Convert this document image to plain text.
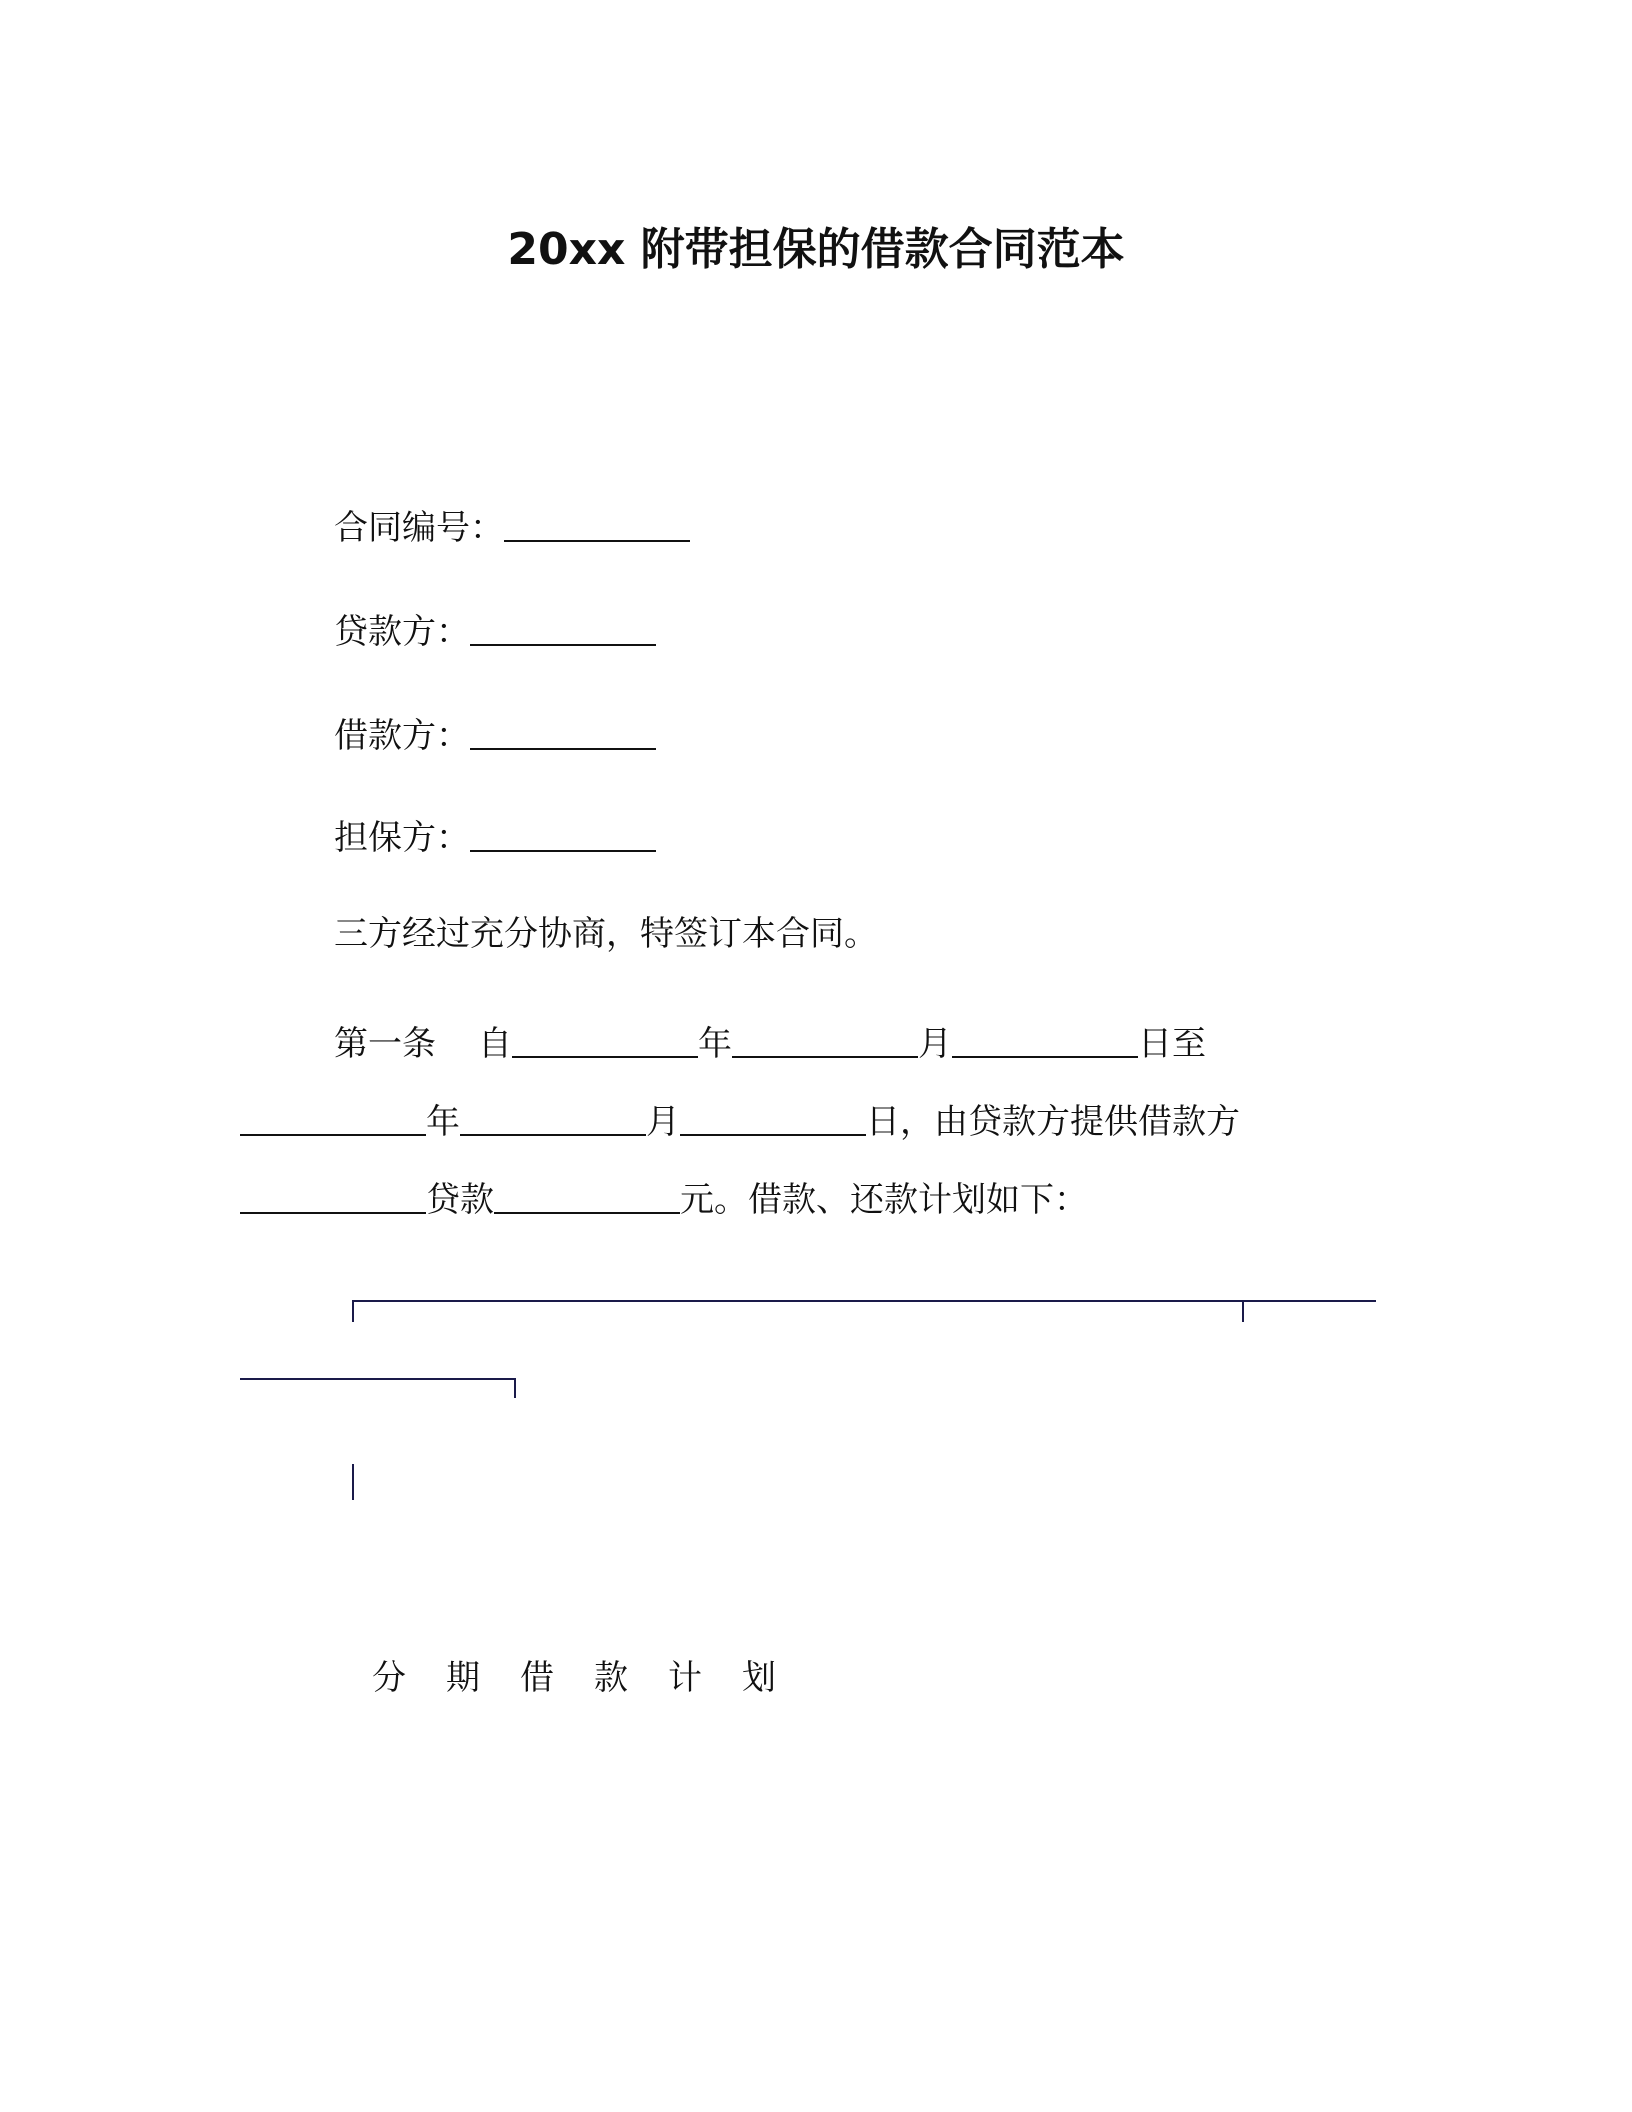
20xx 附带担保的借款合同范本
合同编号：
贷款方：
借款方：
担保方：
三方经过充分协商，特签订本合同。
第一条 自	年	月	日至
年	月	日，由贷款方提供借款方
贷款	元。借款、还款计划如下：
分 期 借 款 计 划
